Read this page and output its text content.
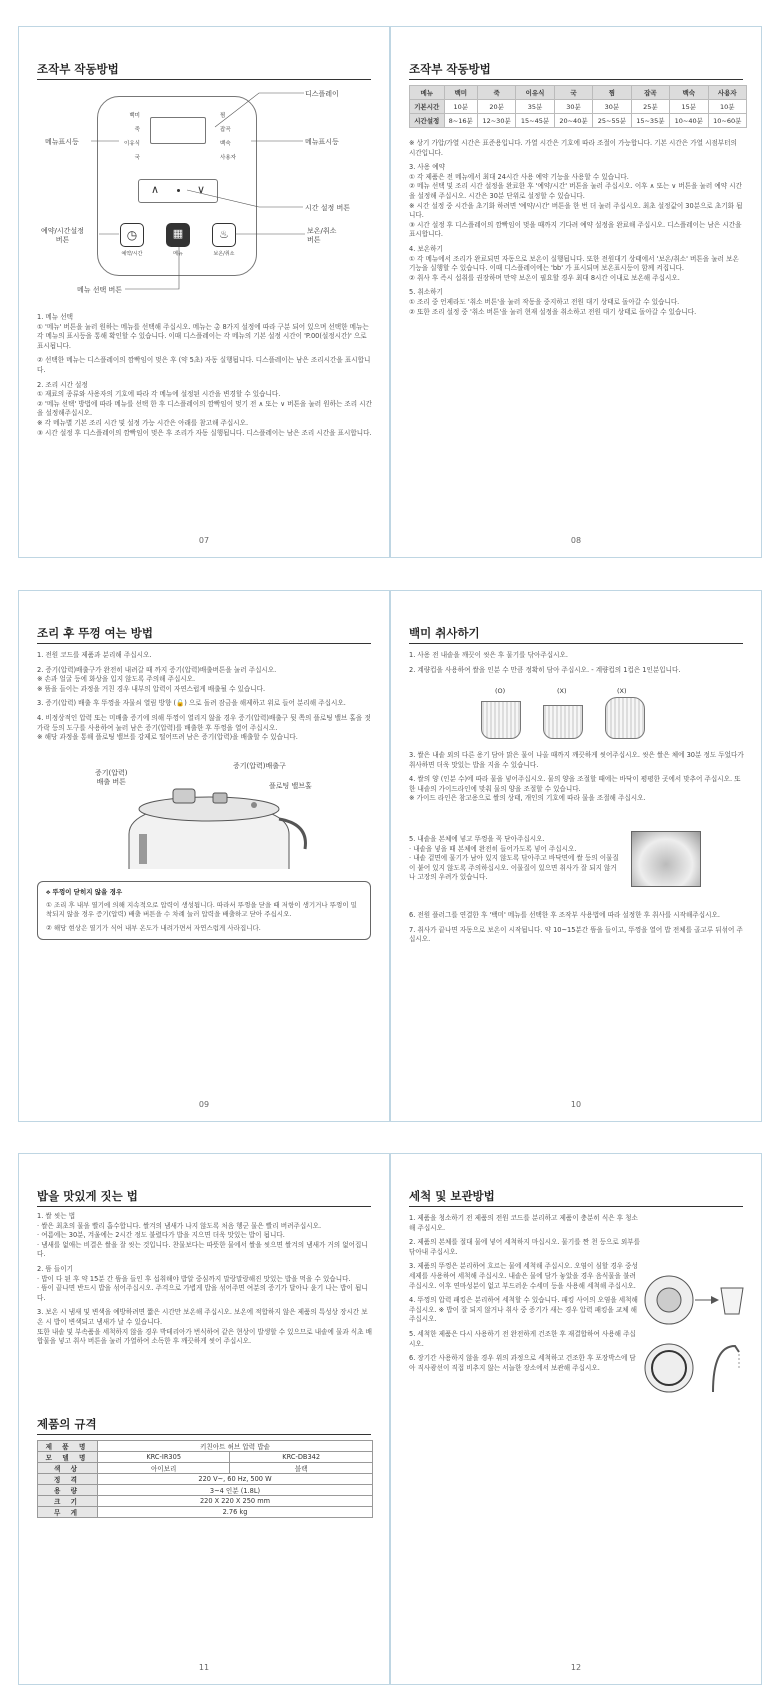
조작부 작동방법
백미
죽
이유식
국
찜
잡곡
백숙
사용자
∧	∨
◷	▦	♨
예약/시간	메뉴	보온/취소
디스플레이
메뉴표시등	메뉴표시등
시간 설정 버튼
예약/시간설정
버튼
보온/취소
버튼
메뉴 선택 버튼

1. 메뉴 선택

① '메뉴' 버튼을 눌러 원하는 메뉴를 선택해 주십시오. 메뉴는 총 8가지 설정에 따라 구분 되어 있으며 선택한 메뉴는 각 메뉴의 표시등을 통해 확인할 수 있습니다. 이때 디스플레이는 각 메뉴의 기본 설정 시간이 'P.00(설정시간)' 으로 표시됩니다.

② 선택한 메뉴는 디스플레이의 깜빡임이 멎은 후 (약 5초) 자동 실행됩니다. 디스플레이는 남은 조리시간을 표시합니다.

2. 조리 시간 설정

① 재료의 종류와 사용자의 기호에 따라 각 메뉴에 설정된 시간을 변경할 수 있습니다.

② '메뉴 선택' 방법에 따라 메뉴를 선택 한 후 디스플레이의 깜빡임이 멎기 전 ∧ 또는 ∨ 버튼을 눌러 원하는 조리 시간을 설정해주십시오.

※ 각 메뉴별 기본 조리 시간 및 설정 가능 시간은 아래를 참고해 주십시오.

③ 시간 설정 후 디스플레이의 깜빡임이 멎은 후 조리가 자동 실행됩니다. 디스플레이는 남은 조리 시간을 표시합니다.

07
조작부 작동방법
메뉴	백미	죽	이유식	국	찜	잡곡	백숙	사용자
기본시간	10분	20분	35분	30분	30분	25분	15분	10분
시간설정	8~16분	12~30분	15~45분	20~40분	25~55분	15~35분	10~40분	10~60분

※ 상기 가압/가열 시간은 표준용입니다. 가열 시간은 기호에 따라 조절이 가능합니다. 기본 시간은 가열 시점부터의 시간입니다.

3. 사용 예약

① 각 제품은 전 메뉴에서 최대 24시간 사용 예약 기능을 사용할 수 있습니다.

② 메뉴 선택 및 조리 시간 설정을 완료한 후 '예약/시간' 버튼을 눌러 주십시오. 이후 ∧ 또는 ∨ 버튼을 눌러 예약 시간을 설정해 주십시오. 시간은 30분 단위로 설정할 수 있습니다.

※ 시간 설정 중 시간을 초기화 하려면 '예약/시간' 버튼을 한 번 더 눌러 주십시오. 최초 설정값이 30분으로 초기화 됩니다.

③ 시간 설정 후 디스플레이의 깜빡임이 멎을 때까지 기다려 예약 설정을 완료해 주십시오. 디스플레이는 남은 시간을 표시합니다.

4. 보온하기

① 각 메뉴에서 조리가 완료되면 자동으로 보온이 실행됩니다. 또한 전원대기 상태에서 '보온/취소' 버튼을 눌러 보온 기능을 실행할 수 있습니다. 이때 디스플레이에는 'bb' 가 표시되며 보온표시등이 함께 켜집니다.

② 취사 후 즉시 섭취를 권장하며 만약 보온이 필요할 경우 최대 8시간 이내로 보온해 주십시오.

5. 취소하기

① 조리 중 언제라도 '취소 버튼'을 눌러 작동을 중지하고 전원 대기 상태로 돌아갈 수 있습니다.

② 또한 조리 설정 중 '취소 버튼'을 눌러 현재 설정을 취소하고 전원 대기 상태로 돌아갈 수 있습니다.

08
조리 후 뚜껑 여는 방법

1. 전원 코드를 제품과 분리해 주십시오.

2. 증기(압력)배출구가 완전히 내려갈 때 까지 증기(압력)배출버튼을 눌러 주십시오.

※ 손과 얼굴 등에 화상을 입지 않도록 주의해 주십시오.

※ 뜸을 들이는 과정을 거친 경우 내부의 압력이 자연스럽게 배출될 수 있습니다.

3. 증기(압력) 배출 후 뚜껑을 자물쇠 열림 방향 (🔓) 으로 돌려 잠금을 해제하고 위로 들어 분리해 주십시오.

4. 비정상적인 압력 또는 미배출 증기에 의해 뚜껑이 열리지 않을 경우 증기(압력)배출구 뒷 쪽의 플로팅 밸브 홀을 젓가락 등의 도구를 사용하여 눌러 남은 증기(압력)를 배출한 후 뚜껑을 열어 주십시오.

※ 해당 과정을 통해 플로팅 밸브를 강제로 떨어뜨려 남은 증기(압력)을 배출할 수 있습니다.

증기(압력)
배출 버튼
증기(압력)배출구
플로팅 밸브홀
⟡ 뚜껑이 닫히지 않을 경우
① 조리 후 내부 열기에 의해 지속적으로 압력이 생성됩니다. 따라서 뚜껑을 닫을 때 저항이 생기거나 뚜껑이 밀착되지 않을 경우 증기(압력) 배출 버튼을 수 차례 눌러 압력을 배출하고 닫아 주십시오.
② 해당 현상은 열기가 식어 내부 온도가 내려가면서 자연스럽게 사라집니다.
09
백미 취사하기

1. 사용 전 내솥을 깨끗이 씻은 후 물기를 닦아주십시오.

2. 계량컵을 사용하여 쌀을 인분 수 만큼 정확히 담아 주십시오. - 계량컵의 1컵은 1인분입니다.

(O)	(X)	(X)

3. 쌀은 내솥 외의 다른 용기 담아 맑은 물이 나올 때까지 깨끗하게 씻어주십시오. 씻은 쌀은 체에 30분 정도 두었다가 취사하면 더욱 맛있는 밥을 지을 수 있습니다.

4. 쌀의 양 (인분 수)에 따라 물을 넣어주십시오. 물의 양을 조절할 때에는 바닥이 평평한 곳에서 맞추어 주십시오. 또한 내솥의 가이드라인에 맞춰 물의 양을 조절할 수 있습니다.

※ 가이드 라인은 참고용으로 쌀의 상태, 개인의 기호에 따라 물을 조절해 주십시오.

5. 내솥을 본체에 넣고 뚜껑을 꼭 닫아주십시오.

· 내솥을 넣을 때 본체에 완전히 들어가도록 넣어 주십시오.

· 내솥 겉면에 물기가 남아 있지 않도록 닦아주고 바닥면에 쌀 등의 이물질이 붙어 있지 않도록 주의하십시오. 이물질이 있으면 취사가 잘 되지 않거나 고장의 우려가 있습니다.

6. 전원 플러그를 연결한 후 '백미' 메뉴를 선택한 후 조작부 사용법에 따라 설정한 후 취사를 시작해주십시오.

7. 취사가 끝나면 자동으로 보온이 시작됩니다. 약 10~15분간 뜸을 들이고, 뚜껑을 열어 밥 전체를 골고루 뒤섞어 주십시오.

10
밥을 맛있게 짓는 법

1. 쌀 씻는 법

· 쌀은 최초의 물을 빨리 흡수합니다. 쌀겨의 냄새가 나지 않도록 처음 헹군 물은 빨리 버려주십시오.

· 여름에는 30분, 겨울에는 2시간 정도 불렸다가 밥을 지으면 더욱 맛있는 밥이 됩니다.

· 냄새를 없애는 비결은 쌀을 잘 씻는 것입니다. 찬물보다는 따뜻한 물에서 쌀을 씻으면 쌀겨의 냄새가 거의 없어집니다.

2. 뜸 들이기

· 밥이 다 된 후 약 15분 간 뜸을 들인 후 섭취해야 밥알 중심까지 말랑말랑해진 맛있는 밥을 먹을 수 있습니다.

· 뜸이 끝나면 반드시 밥을 섞어주십시오. 주걱으로 가볍게 밥을 섞어주면 여분의 증기가 달아나 윤기 나는 밥이 됩니다.

3. 보온 시 냄새 및 변색을 예방하려면 짧은 시간만 보온해 주십시오. 보온에 적합하지 않은 제품의 특성상 장시간 보온 시 밥이 변색되고 냄새가 날 수 있습니다.

또한 내솥 및 부속품을 세척하지 않을 경우 박테리아가 번식하여 같은 현상이 발생할 수 있으므로 내솥에 물과 식초 배합물을 넣고 취사 버튼을 눌러 가열하여 소독한 후 깨끗하게 씻어 주십시오.

제품의 규격
제 품 명	키친아트 허브 압력 밥솥	
모 델 명	KRC-IR305	KRC-DB342
색 상	아이보리	블랙
정 격	220 V~, 60 Hz, 500 W	
용 량	3~4 인분 (1.8L)	
크 기	220 X 220 X 250 mm	
무 게	2.76 kg	
11
세척 및 보관방법

1. 제품을 청소하기 전 제품의 전원 코드를 분리하고 제품이 충분히 식은 후 청소해 주십시오.

2. 제품의 본체를 절대 물에 넣어 세척하지 마십시오. 물기를 짠 천 등으로 외부를 닦아내 주십시오.

3. 제품의 뚜껑은 분리하여 흐르는 물에 세척해 주십시오. 오염이 심할 경우 중성세제를 사용하여 세척해 주십시오. 내솥은 물에 담가 놓았을 경우 음식물을 불려주십시오. 이후 연마성분이 없고 부드러운 수세미 등을 사용해 세척해 주십시오.

4. 뚜껑의 압력 패킹은 분리하여 세척할 수 있습니다. 패킹 사이의 오염을 세척해 주십시오. ※ 밥이 잘 되지 않거나 취사 중 증기가 새는 경우 압력 패킹을 교체 해주십시오.

5. 세척한 제품은 다시 사용하기 전 완전하게 건조한 후 재결합하여 사용해 주십시오.

6. 장기간 사용하지 않을 경우 위의 과정으로 세척하고 건조한 후 포장박스에 담아 직사광선이 직접 비추지 않는 서늘한 장소에서 보관해 주십시오.

12
